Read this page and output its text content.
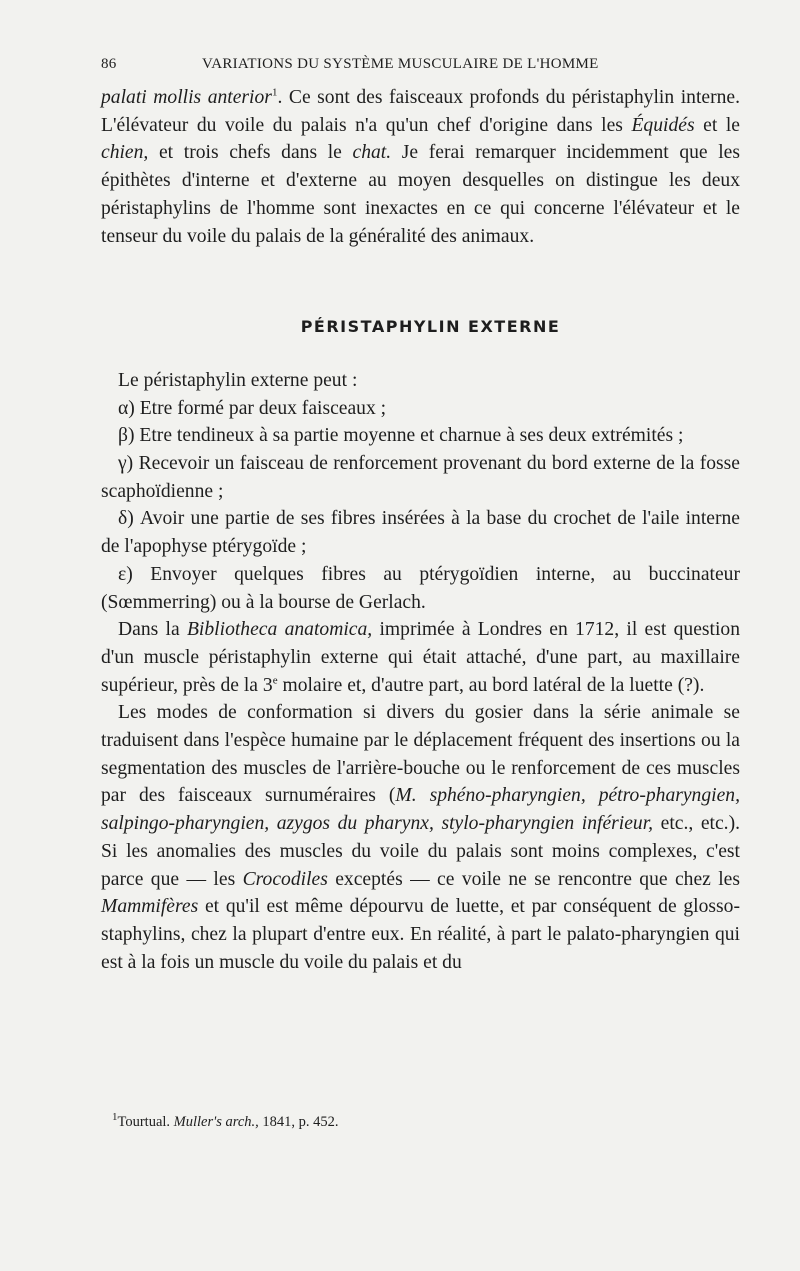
86	VARIATIONS DU SYSTÈME MUSCULAIRE DE L'HOMME

palati mollis anterior$^1$. Ce sont des faisceaux profonds du péristaphylin interne. L'élévateur du voile du palais n'a qu'un chef d'origine dans les Équidés et le chien, et trois chefs dans le chat. Je ferai remarquer incidemment que les épithètes d'interne et d'externe au moyen desquelles on distingue les deux péristaphylins de l'homme sont inexactes en ce qui concerne l'élévateur et le tenseur du voile du palais de la généralité des animaux.

PÉRISTAPHYLIN EXTERNE

Le péristaphylin externe peut :

α) Etre formé par deux faisceaux ;

β) Etre tendineux à sa partie moyenne et charnue à ses deux extrémités ;

γ) Recevoir un faisceau de renforcement provenant du bord externe de la fosse scaphoïdienne ;

δ) Avoir une partie de ses fibres insérées à la base du crochet de l'aile interne de l'apophyse ptérygoïde ;

ε) Envoyer quelques fibres au ptérygoïdien interne, au buccinateur (Sœmmerring) ou à la bourse de Gerlach.

Dans la Bibliotheca anatomica, imprimée à Londres en 1712, il est question d'un muscle péristaphylin externe qui était attaché, d'une part, au maxillaire supérieur, près de la 3e molaire et, d'autre part, au bord latéral de la luette (?).

Les modes de conformation si divers du gosier dans la série animale se traduisent dans l'espèce humaine par le déplacement fréquent des insertions ou la segmentation des muscles de l'arrière-bouche ou le renforcement de ces muscles par des faisceaux surnuméraires (M. sphéno-pharyngien, pétro-pharyngien, salpingo-pharyngien, azygos du pharynx, stylo-pharyngien inférieur, etc., etc.). Si les anomalies des muscles du voile du palais sont moins complexes, c'est parce que — les Crocodiles exceptés — ce voile ne se rencontre que chez les Mammifères et qu'il est même dépourvu de luette, et par conséquent de glosso-staphylins, chez la plupart d'entre eux. En réalité, à part le palato-pharyngien qui est à la fois un muscle du voile du palais et du

$^1$Tourtual. Muller's arch., 1841, p. 452.
